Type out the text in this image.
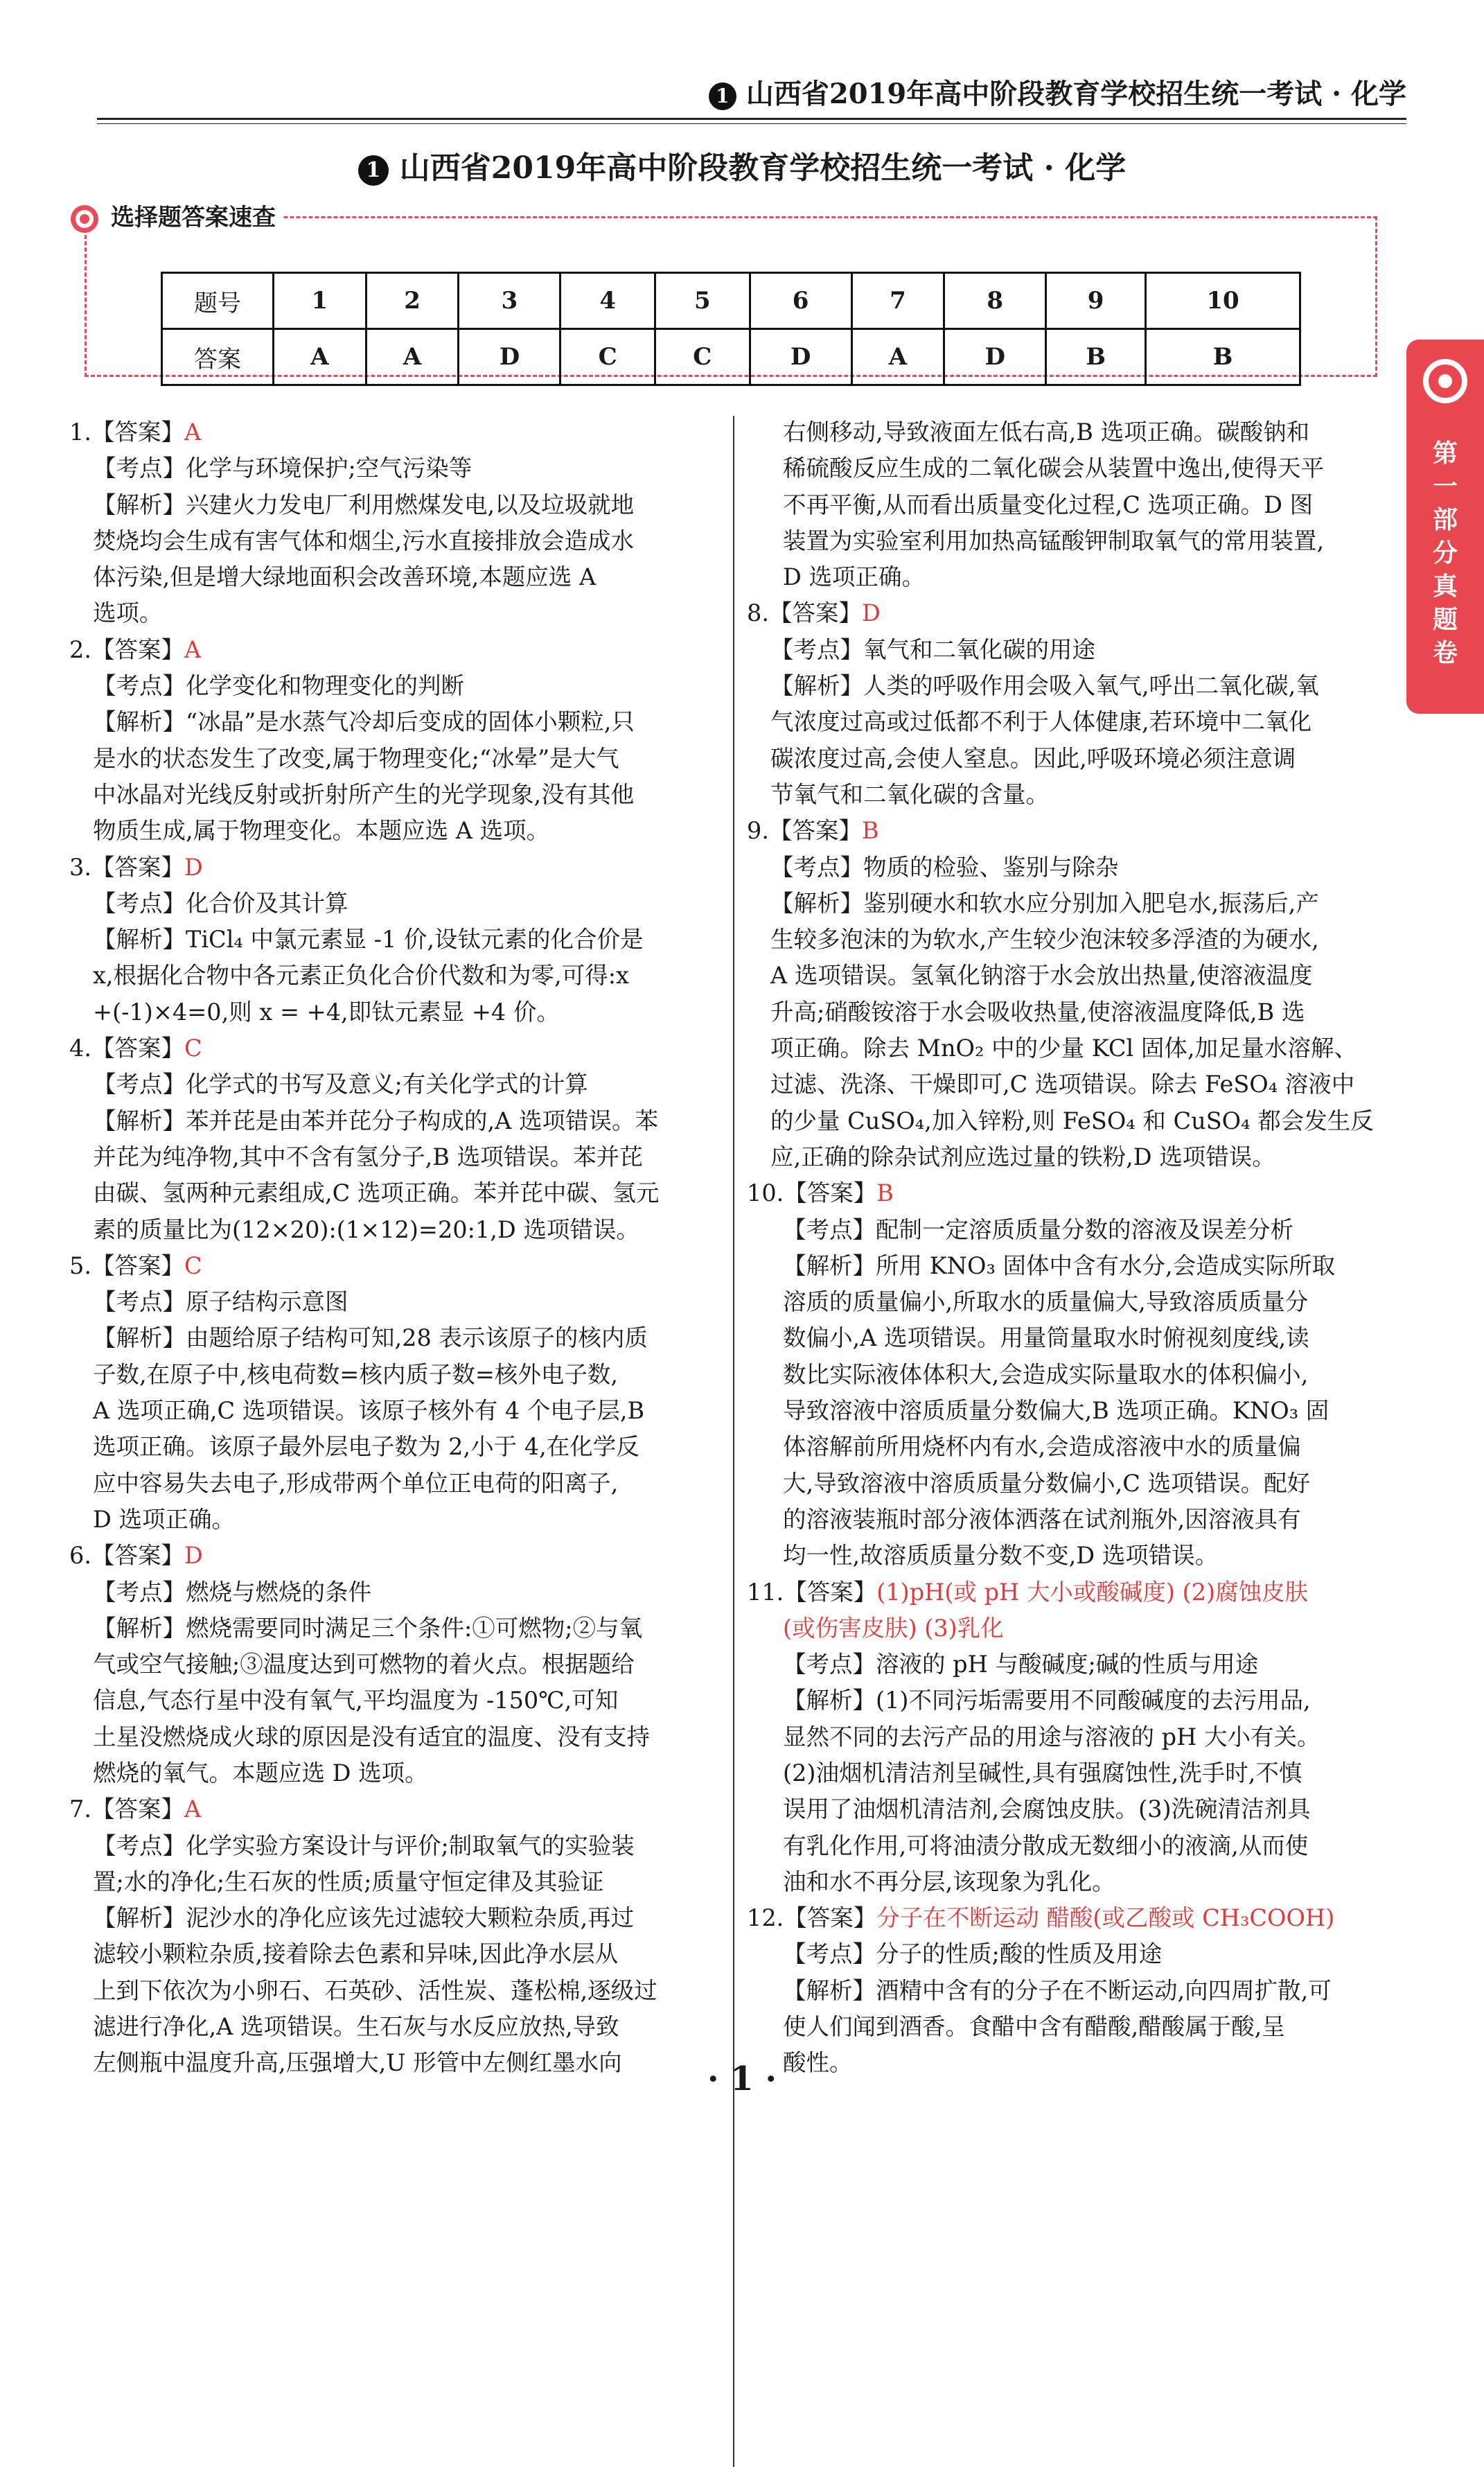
1 山西省2019年高中阶段教育学校招生统一考试 · 化学
1 山西省2019年高中阶段教育学校招生统一考试 · 化学
选择题答案速查
题号	1	2	3	4	5	6	7	8	9	10
答案	A	A	D	C	C	D	A	D	B	B
第一部分 真题卷

1.【答案】A

【考点】化学与环境保护;空气污染等

【解析】兴建火力发电厂利用燃煤发电,以及垃圾就地

焚烧均会生成有害气体和烟尘,污水直接排放会造成水

体污染,但是增大绿地面积会改善环境,本题应选 A

选项。

2.【答案】A

【考点】化学变化和物理变化的判断

【解析】“冰晶”是水蒸气冷却后变成的固体小颗粒,只

是水的状态发生了改变,属于物理变化;“冰晕”是大气

中冰晶对光线反射或折射所产生的光学现象,没有其他

物质生成,属于物理变化。本题应选 A 选项。

3.【答案】D

【考点】化合价及其计算

【解析】TiCl₄ 中氯元素显 -1 价,设钛元素的化合价是

x,根据化合物中各元素正负化合价代数和为零,可得:x

+(-1)×4=0,则 x = +4,即钛元素显 +4 价。

4.【答案】C

【考点】化学式的书写及意义;有关化学式的计算

【解析】苯并芘是由苯并芘分子构成的,A 选项错误。苯

并芘为纯净物,其中不含有氢分子,B 选项错误。苯并芘

由碳、氢两种元素组成,C 选项正确。苯并芘中碳、氢元

素的质量比为(12×20):(1×12)=20:1,D 选项错误。

5.【答案】C

【考点】原子结构示意图

【解析】由题给原子结构可知,28 表示该原子的核内质

子数,在原子中,核电荷数=核内质子数=核外电子数,

A 选项正确,C 选项错误。该原子核外有 4 个电子层,B

选项正确。该原子最外层电子数为 2,小于 4,在化学反

应中容易失去电子,形成带两个单位正电荷的阳离子,

D 选项正确。

6.【答案】D

【考点】燃烧与燃烧的条件

【解析】燃烧需要同时满足三个条件:①可燃物;②与氧

气或空气接触;③温度达到可燃物的着火点。根据题给

信息,气态行星中没有氧气,平均温度为 -150℃,可知

土星没燃烧成火球的原因是没有适宜的温度、没有支持

燃烧的氧气。本题应选 D 选项。

7.【答案】A

【考点】化学实验方案设计与评价;制取氧气的实验装

置;水的净化;生石灰的性质;质量守恒定律及其验证

【解析】泥沙水的净化应该先过滤较大颗粒杂质,再过

滤较小颗粒杂质,接着除去色素和异味,因此净水层从

上到下依次为小卵石、石英砂、活性炭、蓬松棉,逐级过

滤进行净化,A 选项错误。生石灰与水反应放热,导致

左侧瓶中温度升高,压强增大,U 形管中左侧红墨水向

右侧移动,导致液面左低右高,B 选项正确。碳酸钠和

稀硫酸反应生成的二氧化碳会从装置中逸出,使得天平

不再平衡,从而看出质量变化过程,C 选项正确。D 图

装置为实验室利用加热高锰酸钾制取氧气的常用装置,

D 选项正确。

8.【答案】D

【考点】氧气和二氧化碳的用途

【解析】人类的呼吸作用会吸入氧气,呼出二氧化碳,氧

气浓度过高或过低都不利于人体健康,若环境中二氧化

碳浓度过高,会使人窒息。因此,呼吸环境必须注意调

节氧气和二氧化碳的含量。

9.【答案】B

【考点】物质的检验、鉴别与除杂

【解析】鉴别硬水和软水应分别加入肥皂水,振荡后,产

生较多泡沫的为软水,产生较少泡沫较多浮渣的为硬水,

A 选项错误。氢氧化钠溶于水会放出热量,使溶液温度

升高;硝酸铵溶于水会吸收热量,使溶液温度降低,B 选

项正确。除去 MnO₂ 中的少量 KCl 固体,加足量水溶解、

过滤、洗涤、干燥即可,C 选项错误。除去 FeSO₄ 溶液中

的少量 CuSO₄,加入锌粉,则 FeSO₄ 和 CuSO₄ 都会发生反

应,正确的除杂试剂应选过量的铁粉,D 选项错误。

10.【答案】B

【考点】配制一定溶质质量分数的溶液及误差分析

【解析】所用 KNO₃ 固体中含有水分,会造成实际所取

溶质的质量偏小,所取水的质量偏大,导致溶质质量分

数偏小,A 选项错误。用量筒量取水时俯视刻度线,读

数比实际液体体积大,会造成实际量取水的体积偏小,

导致溶液中溶质质量分数偏大,B 选项正确。KNO₃ 固

体溶解前所用烧杯内有水,会造成溶液中水的质量偏

大,导致溶液中溶质质量分数偏小,C 选项错误。配好

的溶液装瓶时部分液体洒落在试剂瓶外,因溶液具有

均一性,故溶质质量分数不变,D 选项错误。

11.【答案】(1)pH(或 pH 大小或酸碱度) (2)腐蚀皮肤

(或伤害皮肤) (3)乳化

【考点】溶液的 pH 与酸碱度;碱的性质与用途

【解析】(1)不同污垢需要用不同酸碱度的去污用品,

显然不同的去污产品的用途与溶液的 pH 大小有关。

(2)油烟机清洁剂呈碱性,具有强腐蚀性,洗手时,不慎

误用了油烟机清洁剂,会腐蚀皮肤。(3)洗碗清洁剂具

有乳化作用,可将油渍分散成无数细小的液滴,从而使

油和水不再分层,该现象为乳化。

12.【答案】分子在不断运动 醋酸(或乙酸或 CH₃COOH)

【考点】分子的性质;酸的性质及用途

【解析】酒精中含有的分子在不断运动,向四周扩散,可

使人们闻到酒香。食醋中含有醋酸,醋酸属于酸,呈

酸性。

· 1 ·
